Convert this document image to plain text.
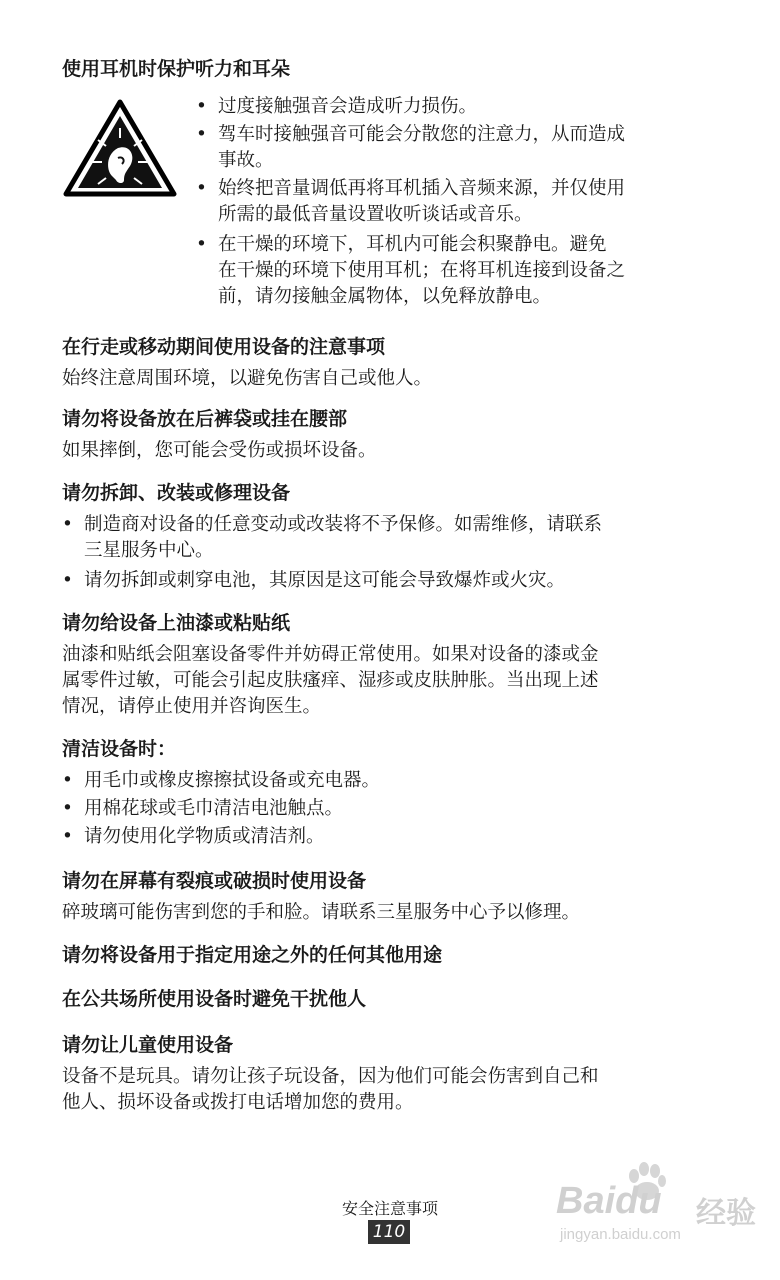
使用耳机时保护听力和耳朵
• 过度接触强音会造成听力损伤。
• 驾车时接触强音可能会分散您的注意力，从而造成
事故。
• 始终把音量调低再将耳机插入音频来源，并仅使用
所需的最低音量设置收听谈话或音乐。
• 在干燥的环境下，耳机内可能会积聚静电。避免
在干燥的环境下使用耳机；在将耳机连接到设备之
前，请勿接触金属物体，以免释放静电。
在行走或移动期间使用设备的注意事项
始终注意周围环境，以避免伤害自己或他人。
请勿将设备放在后裤袋或挂在腰部
如果摔倒，您可能会受伤或损坏设备。
请勿拆卸、改装或修理设备
• 制造商对设备的任意变动或改装将不予保修。如需维修，请联系
三星服务中心。
• 请勿拆卸或刺穿电池，其原因是这可能会导致爆炸或火灾。
请勿给设备上油漆或粘贴纸
油漆和贴纸会阻塞设备零件并妨碍正常使用。如果对设备的漆或金
属零件过敏，可能会引起皮肤瘙痒、湿疹或皮肤肿胀。当出现上述
情况，请停止使用并咨询医生。
清洁设备时：
• 用毛巾或橡皮擦擦拭设备或充电器。
• 用棉花球或毛巾清洁电池触点。
• 请勿使用化学物质或清洁剂。
请勿在屏幕有裂痕或破损时使用设备
碎玻璃可能伤害到您的手和脸。请联系三星服务中心予以修理。
请勿将设备用于指定用途之外的任何其他用途
在公共场所使用设备时避免干扰他人
请勿让儿童使用设备
设备不是玩具。请勿让孩子玩设备，因为他们可能会伤害到自己和
他人、损坏设备或拨打电话增加您的费用。
安全注意事项
110
Baidu 经验
jingyan.baidu.com
